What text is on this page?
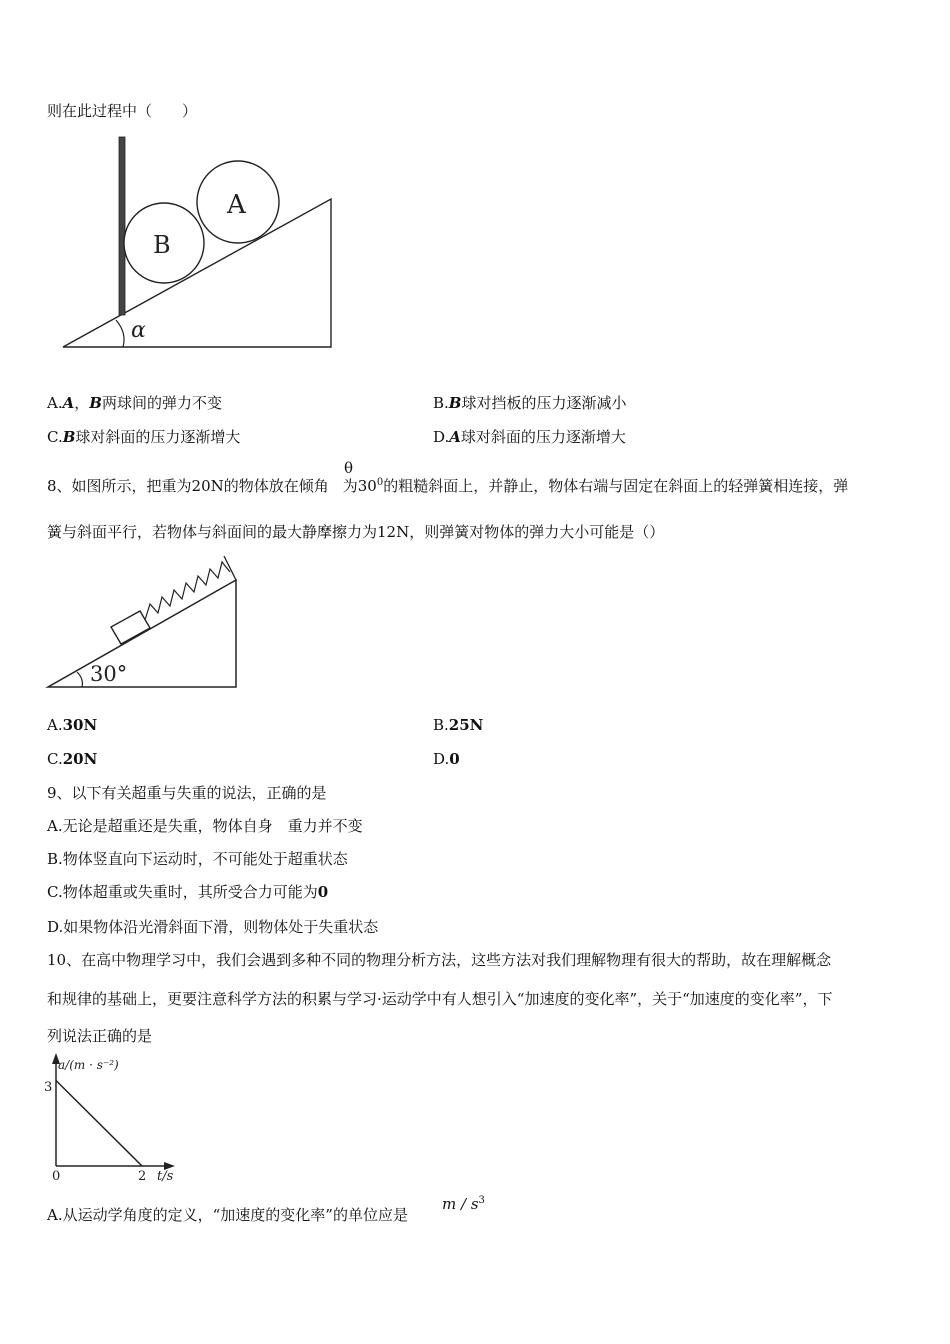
则在此过程中（　　）
A
B
α
A.A，B两球间的弹力不变	B.B球对挡板的压力逐渐减小
C.B球对斜面的压力逐渐增大	D.A球对斜面的压力逐渐增大
8、如图所示，把重为20N的物体放在倾角 为$30^0$的粗糙斜面上，并静止，物体右端与固定在斜面上的轻弹簧相连接，弹
θ
簧与斜面平行，若物体与斜面间的最大静摩擦力为12N，则弹簧对物体的弹力大小可能是（）
30°
A.30N	B.25N
C.20N	D.0
9、以下有关超重与失重的说法，正确的是
A.无论是超重还是失重，物体自身　重力并不变
B.物体竖直向下运动时，不可能处于超重状态
C.物体超重或失重时，其所受合力可能为0
D.如果物体沿光滑斜面下滑，则物体处于失重状态
10、在高中物理学习中，我们会遇到多种不同的物理分析方法，这些方法对我们理解物理有很大的帮助，故在理解概念
和规律的基础上，更要注意科学方法的积累与学习·运动学中有人想引入“加速度的变化率”，关于“加速度的变化率”，下
列说法正确的是
a/(m · s⁻²)
t/s
3
0	2
A.从运动学角度的定义，“加速度的变化率”的单位应是
m / $s^3$
